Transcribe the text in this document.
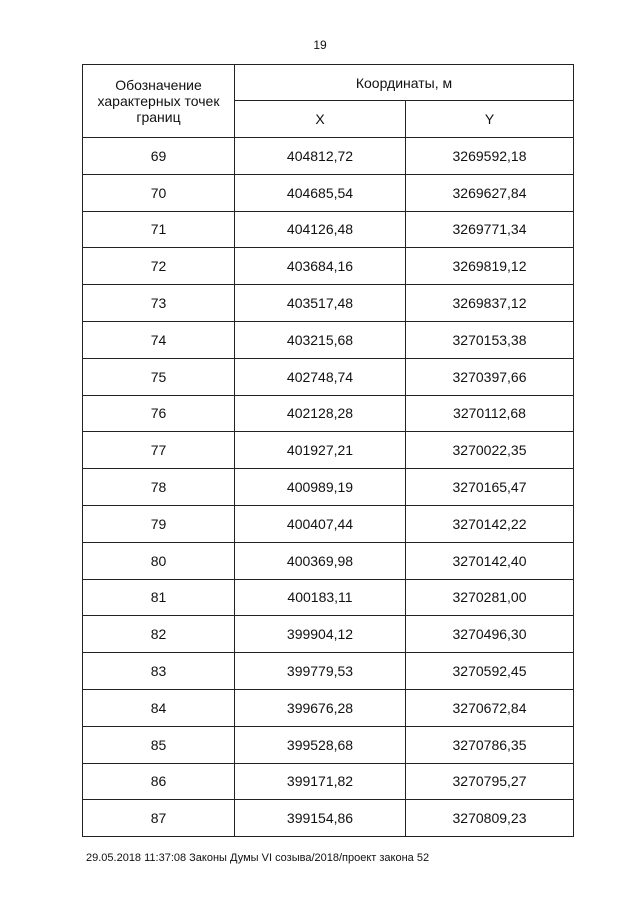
19
Обозначение характерных точек границ	Координаты, м	
	X	Y
69	404812,72	3269592,18
70	404685,54	3269627,84
71	404126,48	3269771,34
72	403684,16	3269819,12
73	403517,48	3269837,12
74	403215,68	3270153,38
75	402748,74	3270397,66
76	402128,28	3270112,68
77	401927,21	3270022,35
78	400989,19	3270165,47
79	400407,44	3270142,22
80	400369,98	3270142,40
81	400183,11	3270281,00
82	399904,12	3270496,30
83	399779,53	3270592,45
84	399676,28	3270672,84
85	399528,68	3270786,35
86	399171,82	3270795,27
87	399154,86	3270809,23
29.05.2018 11:37:08 Законы Думы VI созыва/2018/проект закона 52
